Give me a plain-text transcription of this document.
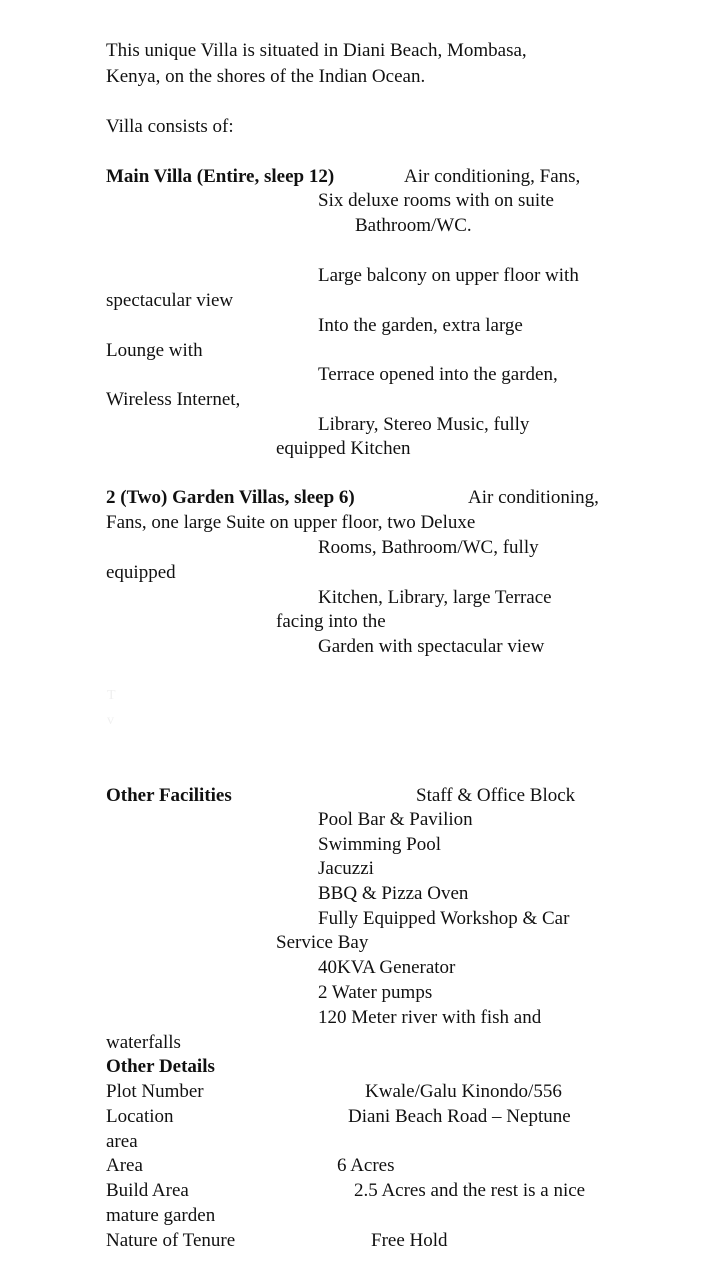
This unique Villa is situated in Diani Beach, Mombasa,
Kenya, on the shores of the Indian Ocean.
Villa consists of:
Main Villa (Entire, sleep 12)	Air conditioning, Fans,
Six deluxe rooms with on suite
Bathroom/WC.
Large balcony on upper floor with
spectacular view
Into the garden, extra large
Lounge with
Terrace opened into the garden,
Wireless Internet,
Library, Stereo Music, fully
equipped Kitchen
2 (Two) Garden Villas, sleep 6)	Air conditioning,
Fans, one large Suite on upper floor, two Deluxe
Rooms, Bathroom/WC, fully
equipped
Kitchen, Library, large Terrace
facing into the
Garden with spectacular view
T
v
Other Facilities	Staff & Office Block
Pool Bar & Pavilion
Swimming Pool
Jacuzzi
BBQ & Pizza Oven
Fully Equipped Workshop & Car
Service Bay
40KVA Generator
2 Water pumps
120 Meter river with fish and
waterfalls
Other Details
Plot Number	Kwale/Galu Kinondo/556
Location	Diani Beach Road – Neptune
area
Area	6 Acres
Build Area	2.5 Acres and the rest is a nice
mature garden
Nature of Tenure	Free Hold
